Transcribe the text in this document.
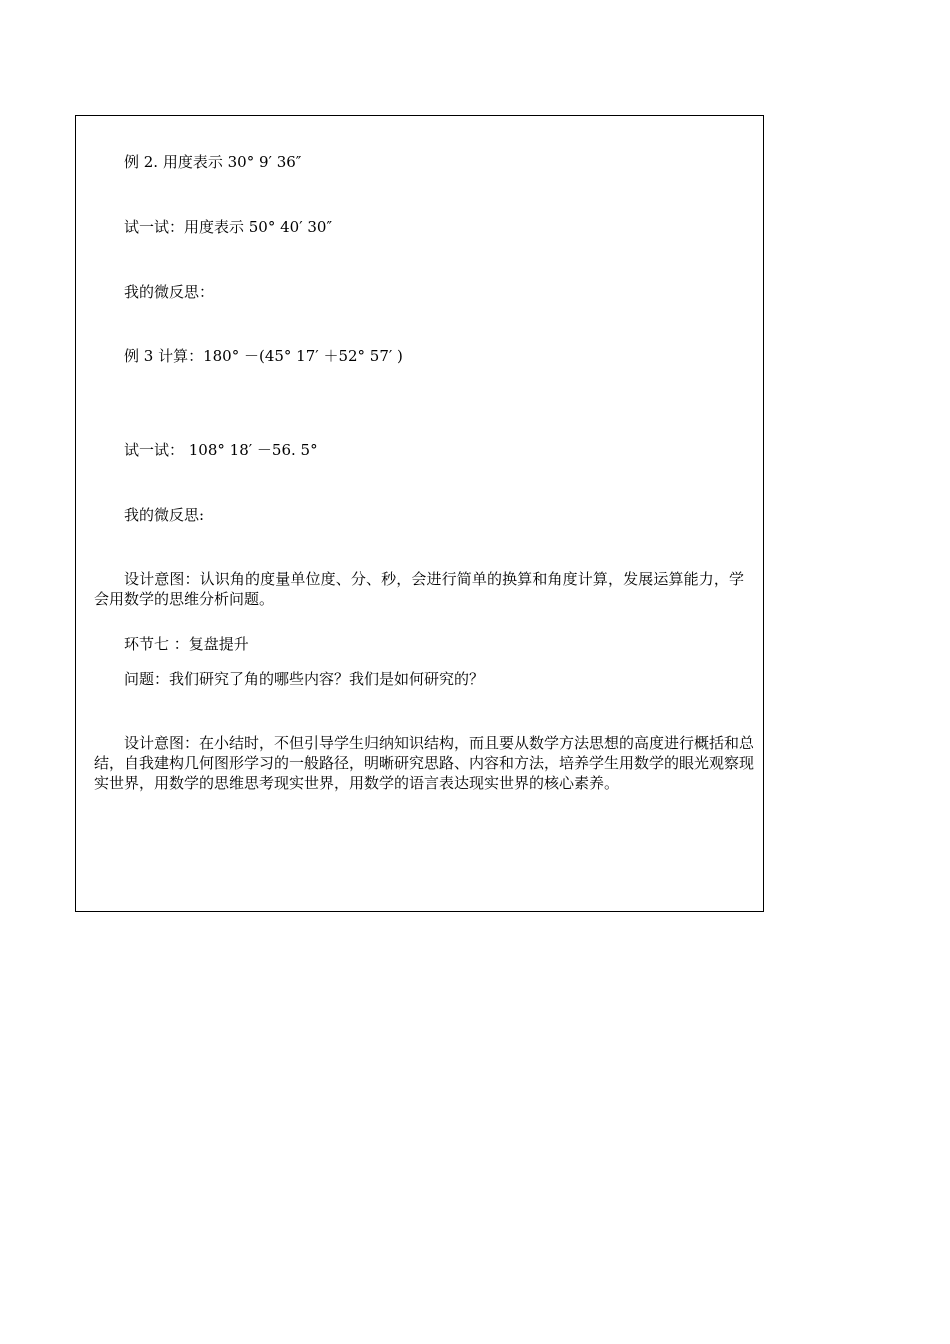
例 2. 用度表示 30° 9′ 36″
试一试：用度表示 50° 40′ 30″
我的微反思：
例 3 计算：180° －(45° 17′ ＋52° 57′ )
试一试： 108° 18′ －56. 5°
我的微反思:
设计意图：认识角的度量单位度、分、秒，会进行简单的换算和角度计算，发展运算能力，学会用数学的思维分析问题。
环节七 ：复盘提升
问题：我们研究了角的哪些内容？我们是如何研究的？
设计意图：在小结时，不但引导学生归纳知识结构，而且要从数学方法思想的高度进行概括和总结，自我建构几何图形学习的一般路径，明晰研究思路、内容和方法，培养学生用数学的眼光观察现实世界，用数学的思维思考现实世界，用数学的语言表达现实世界的核心素养。
